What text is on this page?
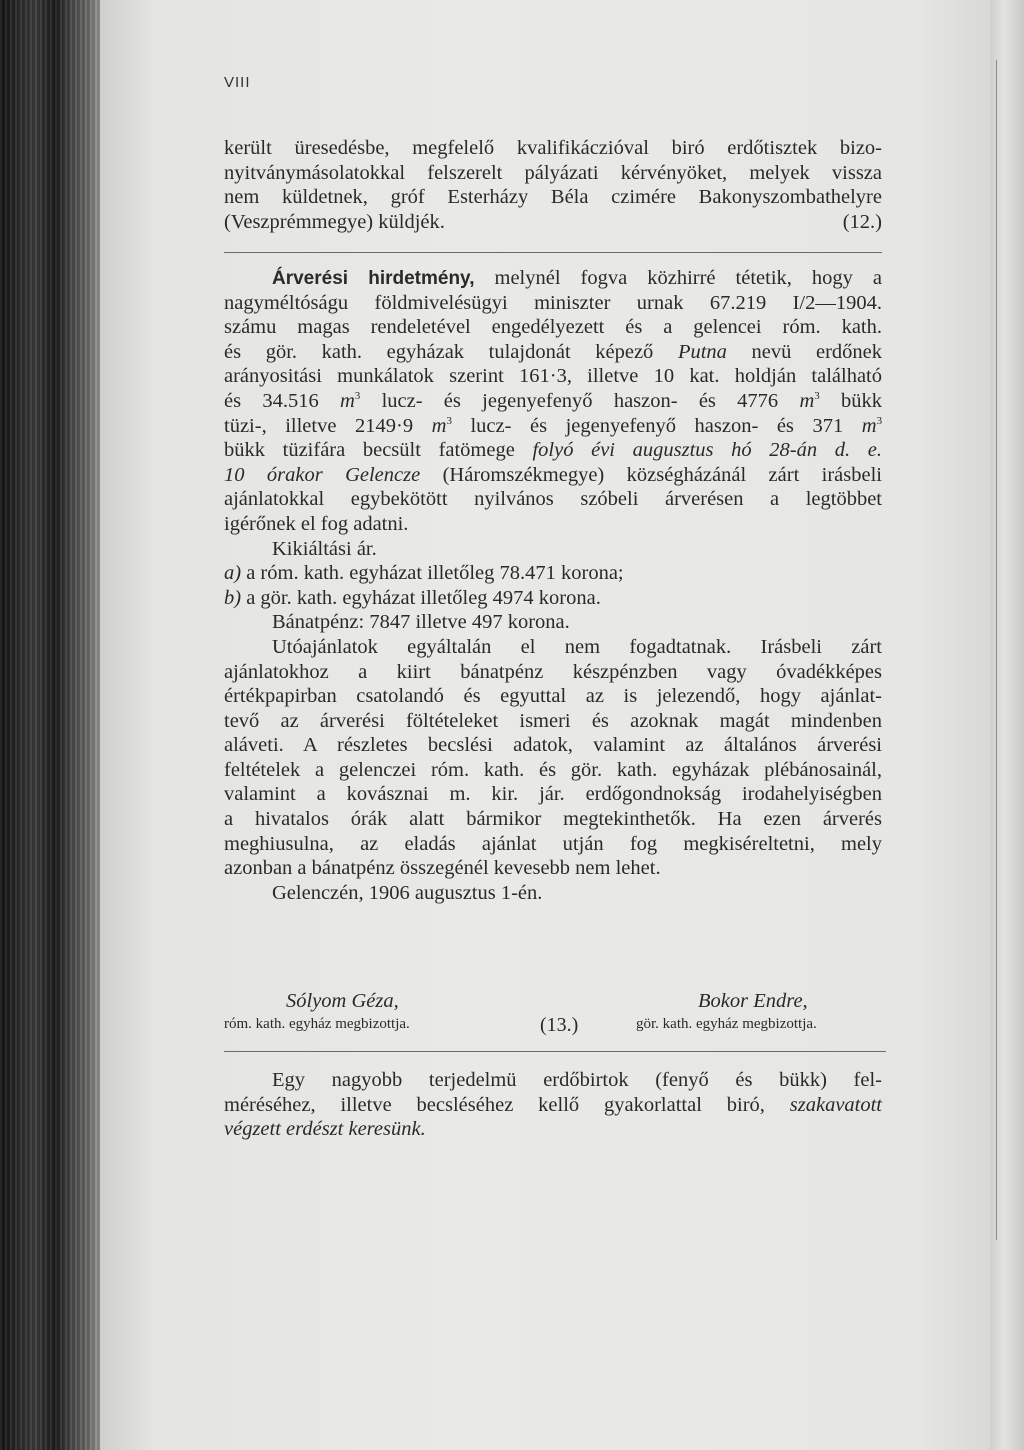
VIII
került üresedésbe, megfelelő kvalifikáczióval biró erdőtisztek bizo-
nyitványmásolatokkal felszerelt pályázati kérvényöket, melyek vissza
nem küldetnek, gróf Esterházy Béla czimére Bakonyszombathelyre
(Veszprémmegye) küldjék.	(12.)
Árverési hirdetmény, melynél fogva közhirré tétetik, hogy a
nagyméltóságu földmivelésügyi miniszter urnak 67.219 I/2—1904.
számu magas rendeletével engedélyezett és a gelencei róm. kath.
és gör. kath. egyházak tulajdonát képező Putna nevü erdőnek
arányositási munkálatok szerint 161·3, illetve 10 kat. holdján található
és 34.516 $m^3$ lucz- és jegenyefenyő haszon- és 4776 $m^3$ bükk
tüzi-, illetve 2149·9 $m^3$ lucz- és jegenyefenyő haszon- és 371 $m^3$
bükk tüzifára becsült fatömege folyó évi augusztus hó 28-án d. e.
10 órakor Gelencze (Háromszékmegye) községházánál zárt irásbeli
ajánlatokkal egybekötött nyilvános szóbeli árverésen a legtöbbet
igérőnek el fog adatni.
Kikiáltási ár.
a) a róm. kath. egyházat illetőleg 78.471 korona;
b) a gör. kath. egyházat illetőleg 4974 korona.
Bánatpénz: 7847 illetve 497 korona.
Utóajánlatok egyáltalán el nem fogadtatnak. Irásbeli zárt
ajánlatokhoz a kiirt bánatpénz készpénzben vagy óvadékképes
értékpapirban csatolandó és egyuttal az is jelezendő, hogy ajánlat-
tevő az árverési föltételeket ismeri és azoknak magát mindenben
aláveti. A részletes becslési adatok, valamint az általános árverési
feltételek a gelenczei róm. kath. és gör. kath. egyházak plébánosainál,
valamint a kovásznai m. kir. jár. erdőgondnokság irodahelyiségben
a hivatalos órák alatt bármikor megtekinthetők. Ha ezen árverés
meghiusulna, az eladás ajánlat utján fog megkiséreltetni, mely
azonban a bánatpénz összegénél kevesebb nem lehet.
Gelenczén, 1906 augusztus 1-én.
Sólyom Géza,	Bokor Endre,
róm. kath. egyház megbizottja.	(13.)	gör. kath. egyház megbizottja.
Egy nagyobb terjedelmü erdőbirtok (fenyő és bükk) fel-
méréséhez, illetve becsléséhez kellő gyakorlattal biró, szakavatott
végzett erdészt keresünk.
